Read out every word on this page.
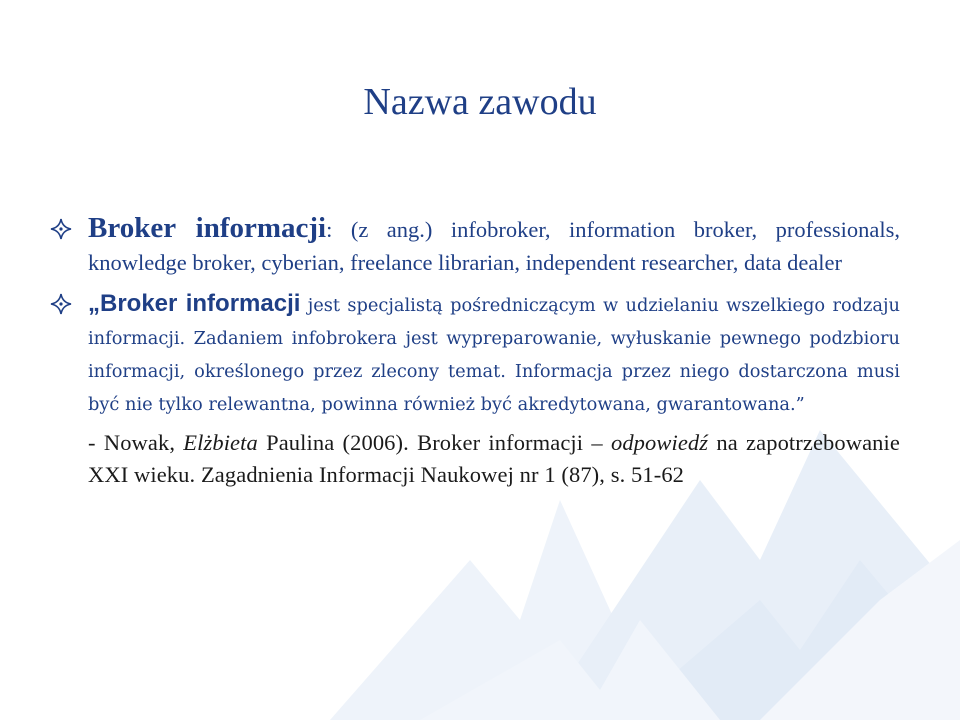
Nazwa zawodu

Broker informacji: (z ang.) infobroker, information broker, professionals, knowledge broker, cyberian, freelance librarian, independent researcher, data dealer

„Broker informacji jest specjalistą pośredniczącym w udzielaniu wszelkiego rodzaju informacji. Zadaniem infobrokera jest wypreparowanie, wyłuskanie pewnego podzbioru informacji, określonego przez zlecony temat. Informacja przez niego dostarczona musi być nie tylko relewantna, powinna również być akredytowana, gwarantowana.”

- Nowak, Elżbieta Paulina (2006). Broker informacji – odpowiedź na zapotrzebowanie XXI wieku. Zagadnienia Informacji Naukowej nr 1 (87), s. 51-62
